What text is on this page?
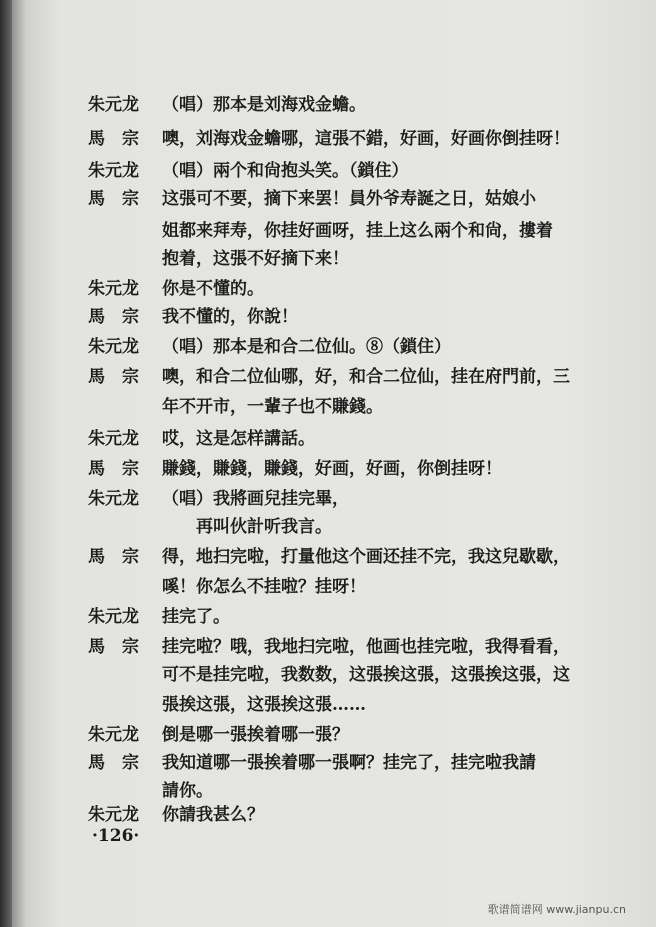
朱元龙 （唱）那本是刘海戏金蟾。
馬　宗 噢，刘海戏金蟾哪，這張不錯，好画，好画你倒挂呀！
朱元龙 （唱）兩个和尙抱头笑。（鎖住）
馬　宗 这張可不要，摘下来罢！員外爷寿誕之日，姑娘小
姐都来拜寿，你挂好画呀，挂上这么兩个和尙，摟着
抱着，这張不好摘下来！
朱元龙 你是不懂的。
馬　宗 我不懂的，你說！
朱元龙 （唱）那本是和合二位仙。⑧（鎖住）
馬　宗 噢，和合二位仙哪，好，和合二位仙，挂在府門前，三
年不开市，一輩子也不賺錢。
朱元龙 哎，这是怎样講話。
馬　宗 賺錢，賺錢，賺錢，好画，好画，你倒挂呀！
朱元龙 （唱）我將画兒挂完畢，
　　再叫伙計听我言。
馬　宗 得，地扫完啦，打量他这个画还挂不完，我这兒歇歇，
嗘！你怎么不挂啦？挂呀！
朱元龙 挂完了。
馬　宗 挂完啦？哦，我地扫完啦，他画也挂完啦，我得看看，
可不是挂完啦，我数数，这張挨这張，这張挨这張，这
張挨这張，这張挨这張……
朱元龙 倒是哪一張挨着哪一張？
馬　宗 我知道哪一張挨着哪一張啊？挂完了，挂完啦我請
請你。
朱元龙 你請我甚么？
·126·
歌谱简谱网 www.jianpu.cn
